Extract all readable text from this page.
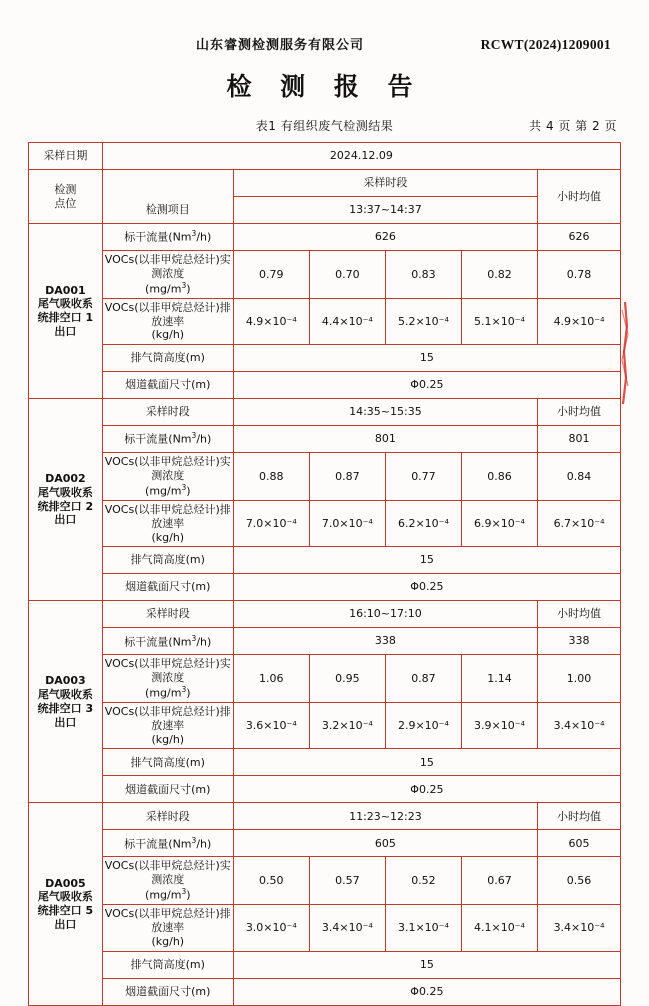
山东睿测检测服务有限公司	RCWT(2024)1209001
检 测 报 告
表1 有组织废气检测结果	共 4 页 第 2 页
采样日期	2024.12.09					
检测
点位		采样时段				小时均值
	检测项目	13:37~14:37				
DA001
尾气吸收系
统排空口 1
出口	标干流量(Nm$^3$/h)	626				626
	VOCs(以非甲烷总烃计)实测浓度
$(mg/m^3)$	0.79	0.70	0.83	0.82	0.78
	VOCs(以非甲烷总烃计)排放速率
(kg/h)	4.9×10⁻⁴	4.4×10⁻⁴	5.2×10⁻⁴	5.1×10⁻⁴	4.9×10⁻⁴
	排气筒高度(m)	15				
	烟道截面尺寸(m)	Φ0.25				
DA002
尾气吸收系
统排空口 2
出口	采样时段	14:35~15:35				小时均值
	标干流量(Nm$^3$/h)	801				801
	VOCs(以非甲烷总烃计)实测浓度
$(mg/m^3)$	0.88	0.87	0.77	0.86	0.84
	VOCs(以非甲烷总烃计)排放速率
(kg/h)	7.0×10⁻⁴	7.0×10⁻⁴	6.2×10⁻⁴	6.9×10⁻⁴	6.7×10⁻⁴
	排气筒高度(m)	15				
	烟道截面尺寸(m)	Φ0.25				
DA003
尾气吸收系
统排空口 3
出口	采样时段	16:10~17:10				小时均值
	标干流量(Nm$^3$/h)	338				338
	VOCs(以非甲烷总烃计)实测浓度
$(mg/m^3)$	1.06	0.95	0.87	1.14	1.00
	VOCs(以非甲烷总烃计)排放速率
(kg/h)	3.6×10⁻⁴	3.2×10⁻⁴	2.9×10⁻⁴	3.9×10⁻⁴	3.4×10⁻⁴
	排气筒高度(m)	15				
	烟道截面尺寸(m)	Φ0.25				
DA005
尾气吸收系
统排空口 5
出口	采样时段	11:23~12:23				小时均值
	标干流量(Nm$^3$/h)	605				605
	VOCs(以非甲烷总烃计)实测浓度
$(mg/m^3)$	0.50	0.57	0.52	0.67	0.56
	VOCs(以非甲烷总烃计)排放速率
(kg/h)	3.0×10⁻⁴	3.4×10⁻⁴	3.1×10⁻⁴	4.1×10⁻⁴	3.4×10⁻⁴
	排气筒高度(m)	15				
	烟道截面尺寸(m)	Φ0.25				
